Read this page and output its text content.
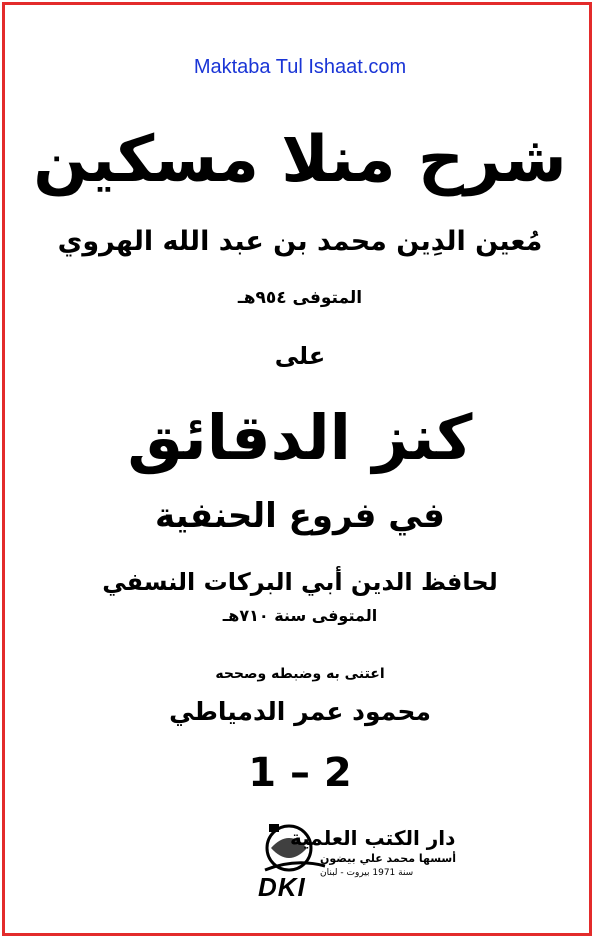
Maktaba Tul Ishaat.com
شرح منلا مسكين
مُعين الدِين محمد بن عبد الله الهروي
المتوفى ٩٥٤هـ
على
كنز الدقائق
في فروع الحنفية
لحافظ الدين أبي البركات النسفي
المتوفى سنة ٧١٠هـ
اعتنى به وضبطه وصححه
محمود عمر الدمياطي
1 – 2
دار الكتب العلمية
أسسها محمد علي بيضون
سنة 1971 بيروت - لبنان
DKI
